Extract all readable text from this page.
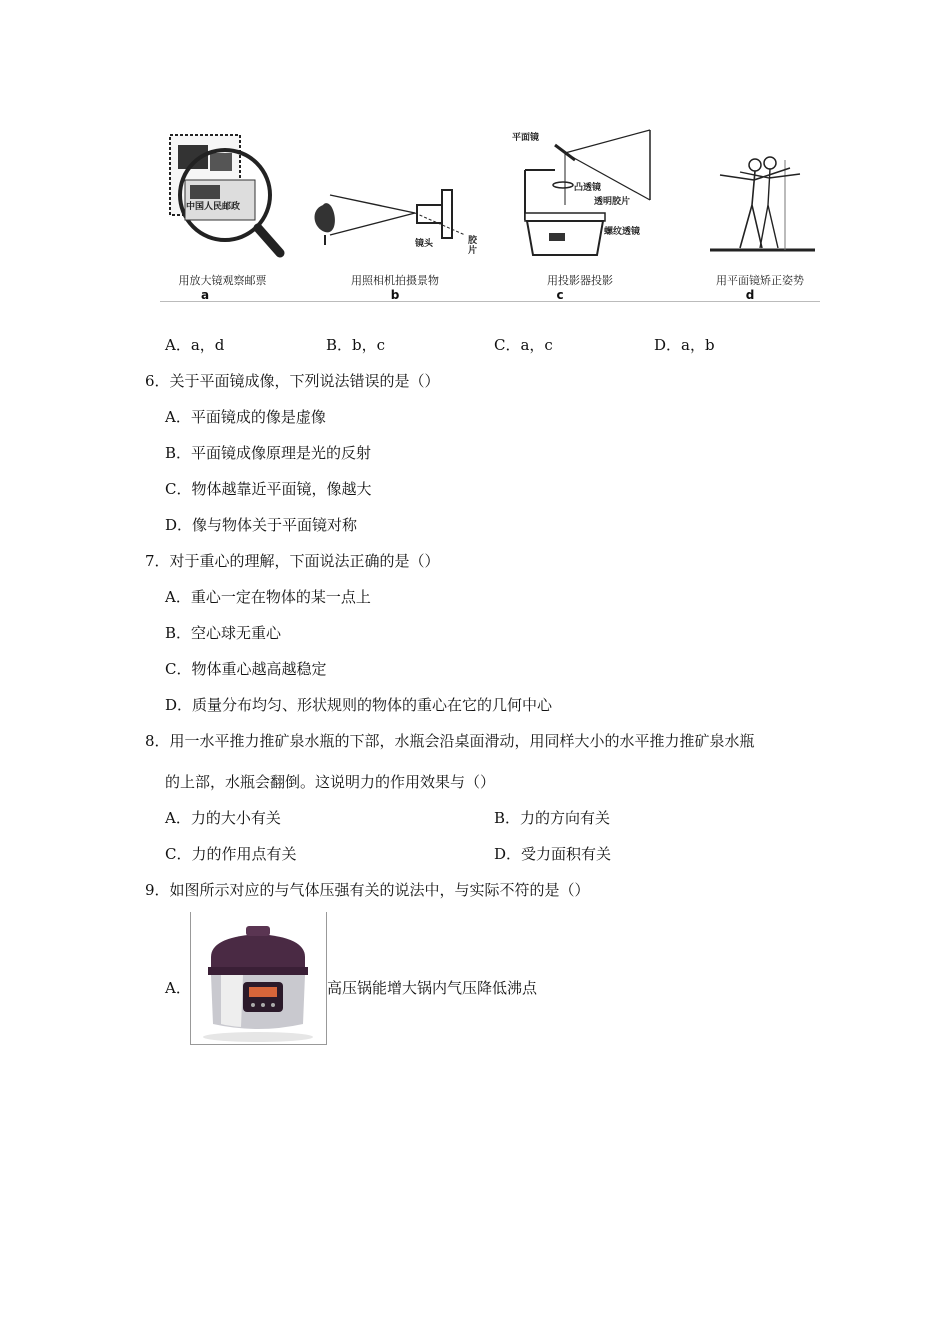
中国人民邮政
用放大镜观察邮票
a
镜头	胶片
用照相机拍摄景物
b
平面镜
凸透镜
透明胶片
螺纹透镜
用投影器投影
c
用平面镜矫正姿势
d
A．a，d	B．b，c	C．a，c	D．a，b
6．关于平面镜成像，下列说法错误的是（）
A．平面镜成的像是虚像
B．平面镜成像原理是光的反射
C．物体越靠近平面镜，像越大
D．像与物体关于平面镜对称
7．对于重心的理解，下面说法正确的是（）
A．重心一定在物体的某一点上
B．空心球无重心
C．物体重心越高越稳定
D．质量分布均匀、形状规则的物体的重心在它的几何中心
8．用一水平推力推矿泉水瓶的下部，水瓶会沿桌面滑动，用同样大小的水平推力推矿泉水瓶
的上部，水瓶会翻倒。这说明力的作用效果与（）
A．力的大小有关	B．力的方向有关
C．力的作用点有关	D．受力面积有关
9．如图所示对应的与气体压强有关的说法中，与实际不符的是（）
A．	高压锅能增大锅内气压降低沸点
